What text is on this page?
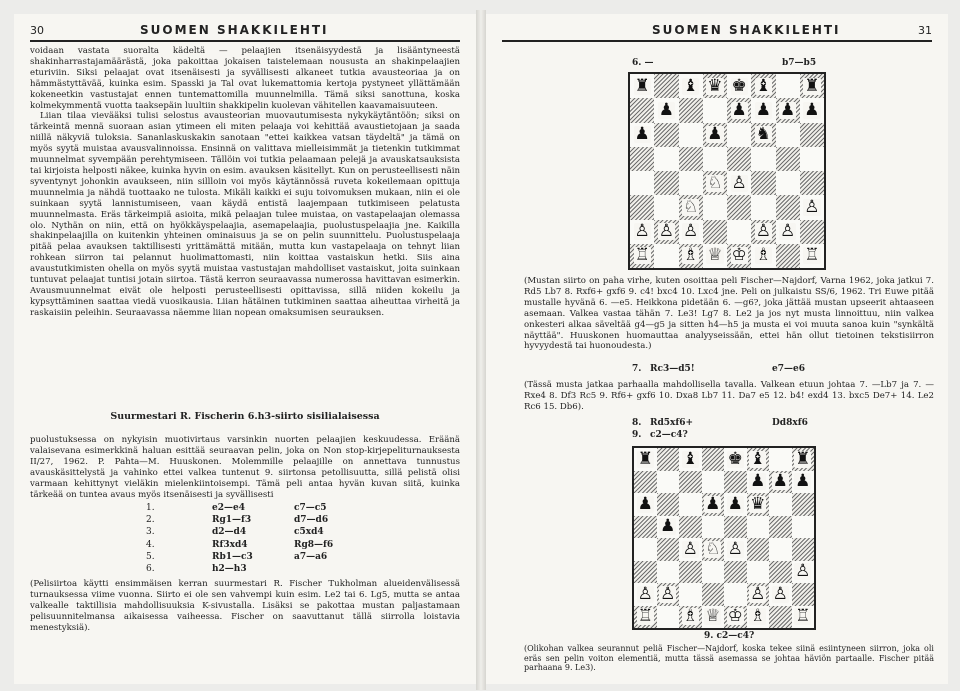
30	SUOMEN SHAKKILEHTI

voidaan vastata suoralta kädeltä — pelaajien itsenäisyydestä ja lisääntyneestä shakinharrastajamäärästä, joka pakoittaa jokaisen taistelemaan noususta an shakinpelaajien eturiviin. Siksi pelaajat ovat itsenäisesti ja syvällisesti alkaneet tutkia avausteoriaa ja on hämmästyttävää, kuinka esim. Spasski ja Tal ovat lukemattomia kertoja pystyneet yllättämään kokeneetkin vastustajat ennen tuntemattomilla muunnelmilla. Tämä siksi sanottuna, koska kolmekymmentä vuotta taaksepäin luultiin shakkipelin kuolevan vähitellen kaavamaisuuteen.

Liian tilaa vievääksi tulisi selostus avausteorian muovautumisesta nykykäytäntöön; siksi on tärkeintä mennä suoraan asian ytimeen eli miten pelaaja voi kehittää avaustietojaan ja saada niillä näkyviä tuloksia. Sananlaskuskakin sanotaan "ettei kaikkea vatsan täydeltä" ja tämä on myös syytä muistaa avausvalinnoissa. Ensinnä on valittava mielleisimmät ja tietenkin tutkimmat muunnelmat syvempään perehtymiseen. Tällöin voi tutkia pelaamaan pelejä ja avauskatsauksista tai kirjoista helposti näkee, kuinka hyvin on esim. avauksen käsitellyt. Kun on perusteellisesti näin syventynyt johonkin avaukseen, niin sillloin voi myös käytännössä ruveta kokeilemaan opittuja muunnelmia ja nähdä tuottaako ne tulosta. Mikäli kaikki ei suju toivomuksen mukaan, niin ei ole suinkaan syytä lannistumiseen, vaan käydä entistä laajempaan tutkimiseen pelatusta muunnelmasta. Eräs tärkeimpiä asioita, mikä pelaajan tulee muistaa, on vastapelaajan olemassa olo. Nythän on niin, että on hyökkäyspelaajia, asemapelaajia, puolustuspelaajia jne. Kaikilla shakinpelaajilla on kuitenkin yhteinen ominaisuus ja se on pelin suunnittelu. Puolustuspelaaja pitää pelaa avauksen taktillisesti yrittämättä mitään, mutta kun vastapelaaja on tehnyt liian rohkean siirron tai pelannut huolimattomasti, niin koittaa vastaiskun hetki. Siis aina avaustutkimisten ohella on myös syytä muistaa vastustajan mahdolliset vastaiskut, joita suinkaan tuntuvat pelaajat tuntisi jotain siirtoa. Tästä kerron seuraavassa numerossa havittavan esimerkin. Avausmuunnelmat eivät ole helposti perusteellisesti opittavissa, sillä niiden kokeilu ja kypsyttäminen saattaa viedä vuosikausia. Liian hätäinen tutkiminen saattaa aiheuttaa virheitä ja raskaisiin peleihin. Seuraavassa näemme liian nopean omaksumisen seurauksen.

Suurmestari R. Fischerin 6.h3-siirto sisilialaisessa

puolustuksessa on nykyisin muotivirtaus varsinkin nuorten pelaajien keskuudessa. Eräänä valaisevana esimerkkinä haluan esittää seuraavan pelin, joka on Non stop-kirjepeliturnauksesta II/27, 1962. P. Pahta—M. Huuskonen. Molemmille pelaajille on annettava tunnustus avauskäsittelystä ja vahinko ettei valkea tuntenut 9. siirtonsa petollisuutta, sillä pelistä olisi varmaan kehittynyt vieläkin mielenkiintoisempi. Tämä peli antaa hyvän kuvan siitä, kuinka tärkeää on tuntea avaus myös itsenäisesti ja syvällisesti

1.	e2—e4	c7—c5
2.	Rg1—f3	d7—d6
3.	d2—d4	c5xd4
4.	Rf3xd4	Rg8—f6
5.	Rb1—c3	a7—a6
6.	h2—h3	

(Pelisiirtoa käytti ensimmäisen kerran suurmestari R. Fischer Tukholman alueidenvälisessä turnauksessa viime vuonna. Siirto ei ole sen vahvempi kuin esim. Le2 tai 6. Lg5, mutta se antaa valkealle taktillisia mahdollisuuksia K-sivustalla. Lisäksi se pakottaa mustan paljastamaan pelisuunnitelmansa aikaisessa vaiheessa. Fischer on saavuttanut tällä siirrolla loistavia menestyksiä).

SUOMEN SHAKKILEHTI	31
6. —	b7—b5
♜ ♝ ♛ ♚ ♝ ♜
♟	♟ ♟ ♟ ♟
♟	♟ ♞
♘ ♙
♘	♙
♙ ♙ ♙	♙ ♙
♖ ♗ ♕ ♔ ♗ ♖

(Mustan siirto on paha virhe, kuten osoittaa peli Fischer—Najdorf, Varna 1962, joka jatkui 7. Rd5 Lb7 8. Rxf6+ gxf6 9. c4! bxc4 10. Lxc4 jne. Peli on julkaistu SS/6, 1962. Tri Euwe pitää mustalle hyvänä 6. —e5. Heikkona pidetään 6. —g6?, joka jättää mustan upseerit ahtaaseen asemaan. Valkea vastaa tähän 7. Le3! Lg7 8. Le2 ja jos nyt musta linnoittuu, niin valkea onkesteri alkaa sävelt​ää g4—g5 ja sitten h4—h5 ja musta ei voi muuta sanoa kuin "synkältä näyttää". Huuskonen huomauttaa analyyseissään, ettei hän ollut tietoinen tekstisiirron hyvyydestä tai huonoudesta.)

7. Rc3—d5!	e7—e6

(Tässä musta jatkaa parhaalla mahdollisella tavalla. Valkean etuun johtaa 7. —Lb7 ja 7. —Rxe4 8. Df3 Rc5 9. Rf6+ gxf6 10. Dxa8 Lb7 11. Da7 e5 12. b4! exd4 13. bxc5 De7+ 14. Le2 Rc6 15. Db6).

8. Rd5xf6+	Dd8xf6
9. c2—c4?
♜ ♝ ♚ ♝ ♜
♟ ♟ ♟
♟	♟ ♟ ♛
♟
♙ ♘ ♙
♙
♙ ♙	♙ ♙
♖ ♗ ♕ ♔ ♗ ♖
9. c2—c4?

(Olikohan valkea seurannut peliä Fischer—Najdorf, koska tekee siinä esiintyneen siirron, joka oli eräs sen pelin voiton elementiä, mutta tässä asemassa se johtaa häviön partaalle. Fischer pitää parhaana 9. Le3).
